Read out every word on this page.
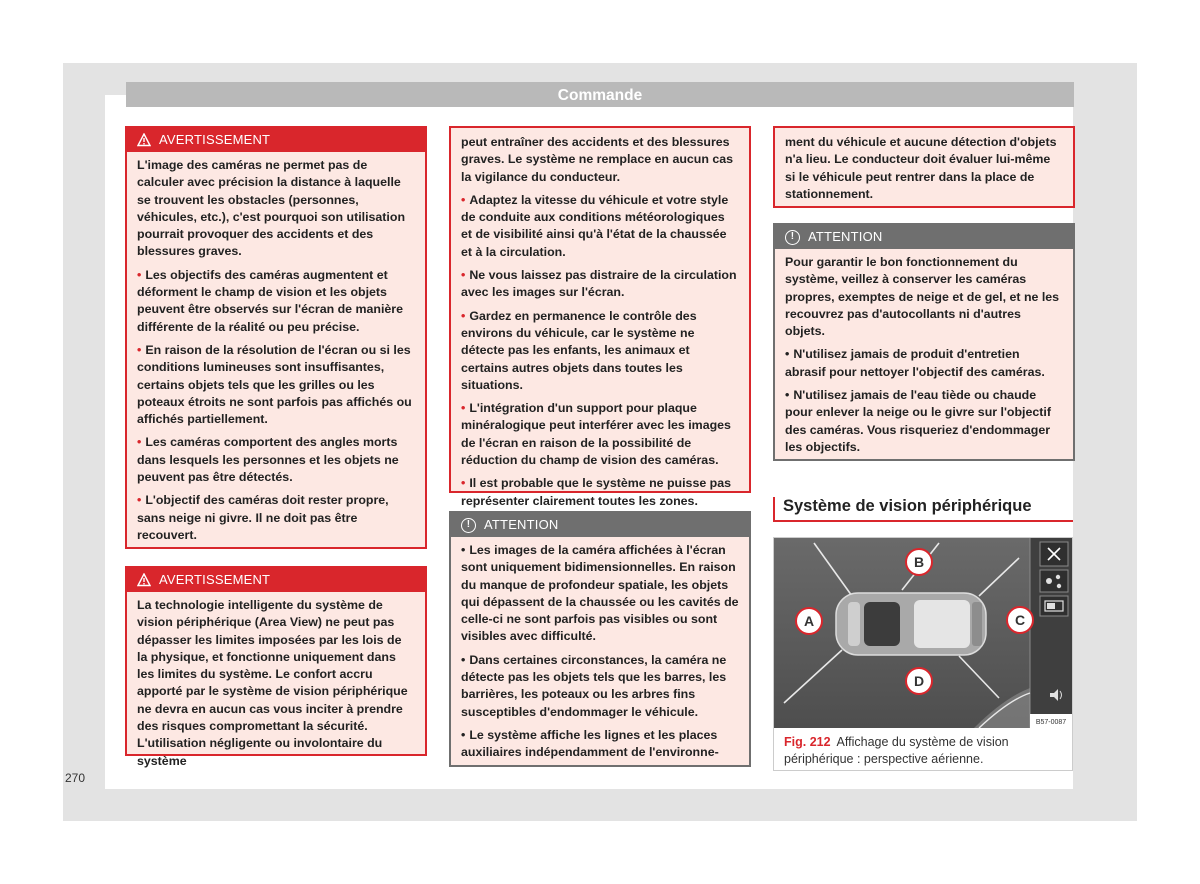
Commande
AVERTISSEMENT

L'image des caméras ne permet pas de calculer avec précision la distance à laquelle se trouvent les obstacles (personnes, véhicules, etc.), c'est pourquoi son utilisation pourrait provoquer des accidents et des blessures graves.

• Les objectifs des caméras augmentent et déforment le champ de vision et les objets peuvent être observés sur l'écran de manière différente de la réalité ou peu précise.

• En raison de la résolution de l'écran ou si les conditions lumineuses sont insuffisantes, certains objets tels que les grilles ou les poteaux étroits ne sont parfois pas affichés ou affichés partiellement.

• Les caméras comportent des angles morts dans lesquels les personnes et les objets ne peuvent pas être détectés.

• L'objectif des caméras doit rester propre, sans neige ni givre. Il ne doit pas être recouvert.

AVERTISSEMENT

La technologie intelligente du système de vision périphérique (Area View) ne peut pas dépasser les limites imposées par les lois de la physique, et fonctionne uniquement dans les limites du système. Le confort accru apporté par le système de vision périphérique ne devra en aucun cas vous inciter à prendre des risques compromettant la sécurité. L'utilisation négligente ou involontaire du système

peut entraîner des accidents et des blessures graves. Le système ne remplace en aucun cas la vigilance du conducteur.

• Adaptez la vitesse du véhicule et votre style de conduite aux conditions météorologiques et de visibilité ainsi qu'à l'état de la chaussée et à la circulation.

• Ne vous laissez pas distraire de la circulation avec les images sur l'écran.

• Gardez en permanence le contrôle des environs du véhicule, car le système ne détecte pas les enfants, les animaux et certains autres objets dans toutes les situations.

• L'intégration d'un support pour plaque minéralogique peut interférer avec les images de l'écran en raison de la possibilité de réduction du champ de vision des caméras.

• Il est probable que le système ne puisse pas représenter clairement toutes les zones.

!	ATTENTION

• Les images de la caméra affichées à l'écran sont uniquement bidimensionnelles. En raison du manque de profondeur spatiale, les objets qui dépassent de la chaussée ou les cavités de celle-ci ne sont parfois pas visibles ou sont visibles avec difficulté.

• Dans certaines circonstances, la caméra ne détecte pas les objets tels que les barres, les barrières, les poteaux ou les arbres fins susceptibles d'endommager le véhicule.

• Le système affiche les lignes et les places auxiliaires indépendamment de l'environne-

ment du véhicule et aucune détection d'objets n'a lieu. Le conducteur doit évaluer lui-même si le véhicule peut rentrer dans la place de stationnement.

!	ATTENTION

Pour garantir le bon fonctionnement du système, veillez à conserver les caméras propres, exemptes de neige et de gel, et ne les recouvrez pas d'autocollants ni d'autres objets.

• N'utilisez jamais de produit d'entretien abrasif pour nettoyer l'objectif des caméras.

• N'utilisez jamais de l'eau tiède ou chaude pour enlever la neige ou le givre sur l'objectif des caméras. Vous risqueriez d'endommager les objectifs.

Système de vision périphérique
A
B
C
D
B57-0087
Fig. 212 Affichage du système de vision périphérique : perspective aérienne.
270
